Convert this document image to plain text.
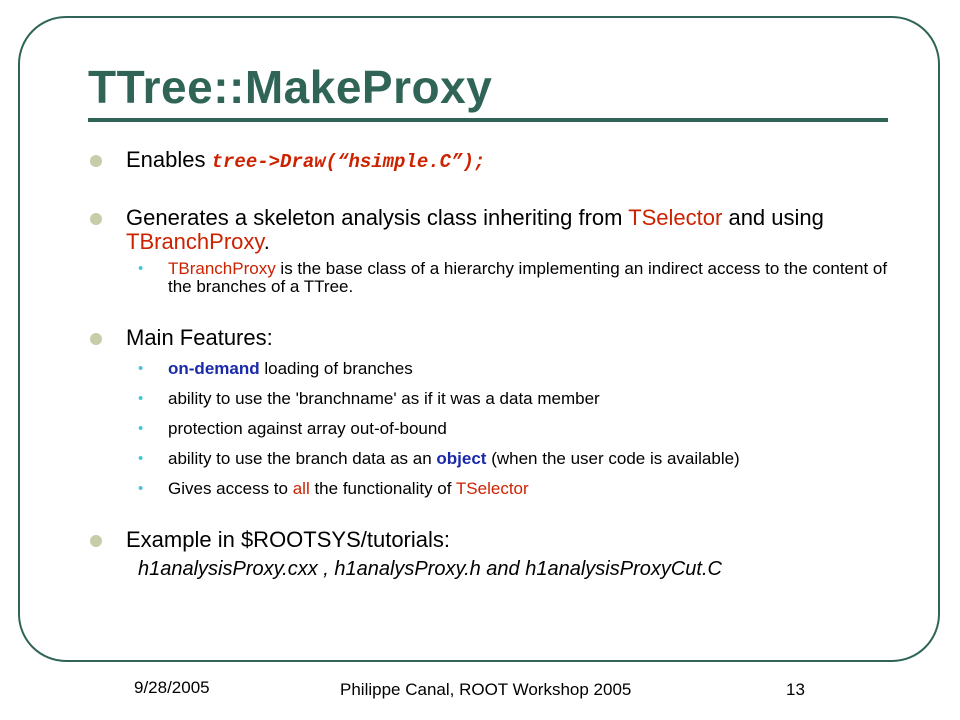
TTree::MakeProxy
Enables tree->Draw(“hsimple.C”);
Generates a skeleton analysis class inheriting from TSelector and using TBranchProxy.
• TBranchProxy is the base class of a hierarchy implementing an indirect access to the content of the branches of a TTree.
Main Features:
• on-demand loading of branches
• ability to use the 'branchname' as if it was a data member
• protection against array out-of-bound
• ability to use the branch data as an object (when the user code is available)
• Gives access to all the functionality of TSelector
Example in $ROOTSYS/tutorials:
h1analysisProxy.cxx , h1analysProxy.h and h1analysisProxyCut.C
9/28/2005	Philippe Canal, ROOT Workshop 2005	13
